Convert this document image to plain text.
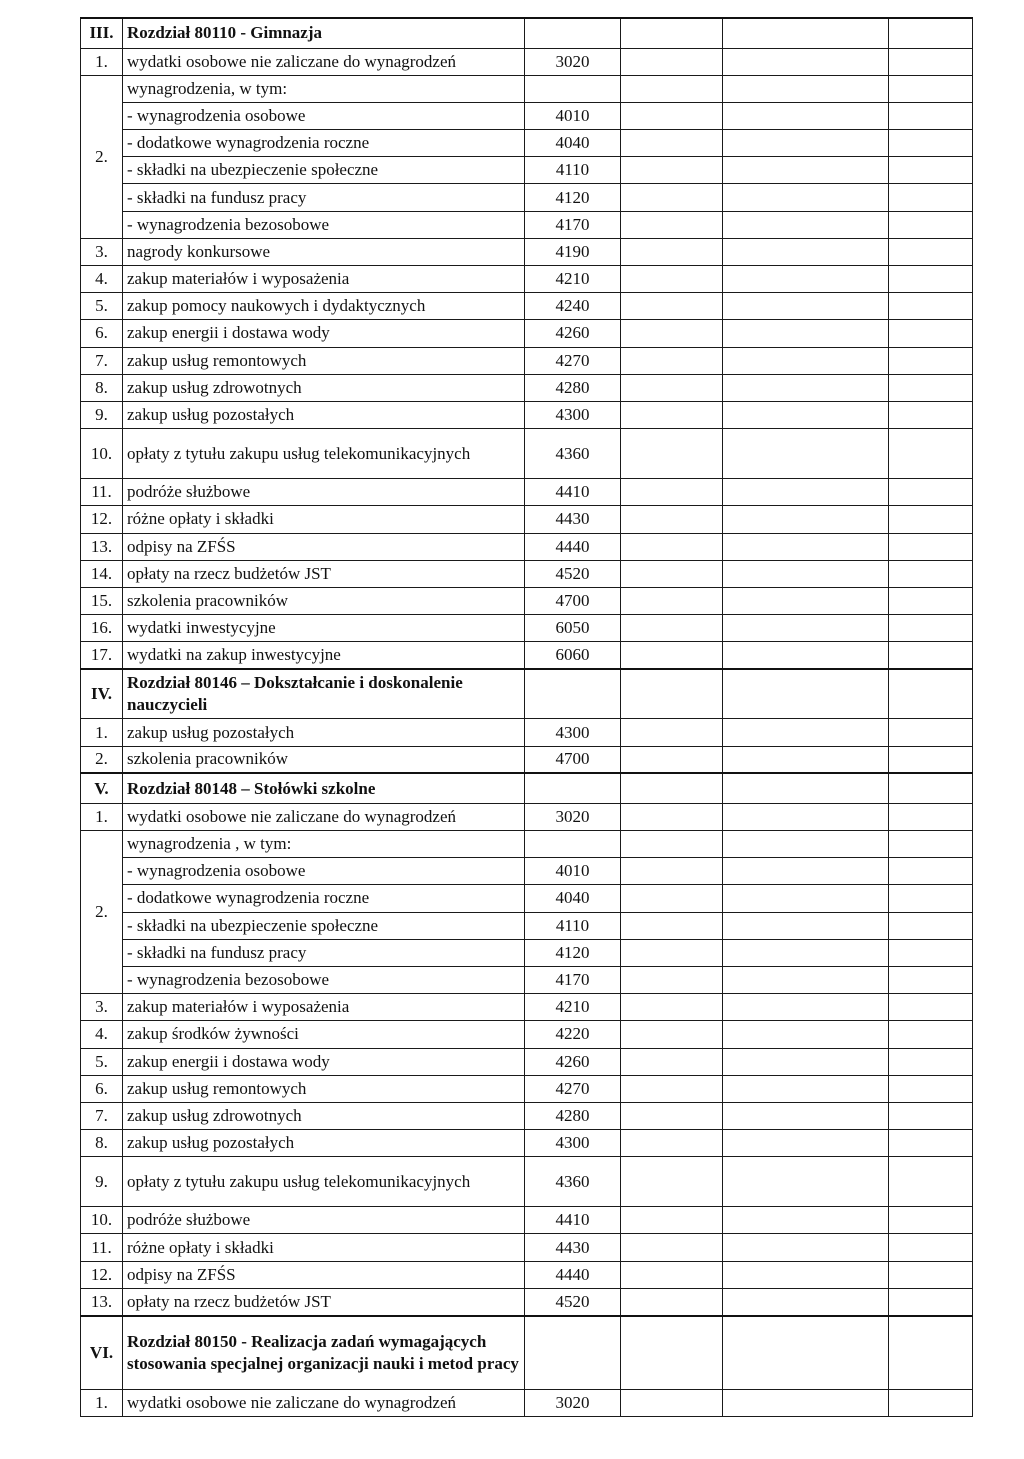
III.	Rozdział 80110 - Gimnazja				
1.	wydatki osobowe nie zaliczane do wynagrodzeń	3020			
2.	wynagrodzenia, w tym:				
	- wynagrodzenia osobowe	4010			
	- dodatkowe wynagrodzenia roczne	4040			
	- składki na ubezpieczenie społeczne	4110			
	- składki na fundusz pracy	4120			
	- wynagrodzenia bezosobowe	4170			
3.	nagrody konkursowe	4190			
4.	zakup materiałów i wyposażenia	4210			
5.	zakup pomocy naukowych i dydaktycznych	4240			
6.	zakup energii i dostawa wody	4260			
7.	zakup usług remontowych	4270			
8.	zakup usług zdrowotnych	4280			
9.	zakup usług pozostałych	4300			
10.	opłaty z tytułu zakupu usług telekomunikacyjnych	4360			
11.	podróże służbowe	4410			
12.	różne opłaty i składki	4430			
13.	odpisy na ZFŚS	4440			
14.	opłaty na rzecz budżetów JST	4520			
15.	szkolenia pracowników	4700			
16.	wydatki inwestycyjne	6050			
17.	wydatki na zakup inwestycyjne	6060			
IV.	Rozdział 80146 – Dokształcanie i doskonalenie nauczycieli				
1.	zakup usług pozostałych	4300			
2.	szkolenia pracowników	4700			
V.	Rozdział 80148 – Stołówki szkolne				
1.	wydatki osobowe nie zaliczane do wynagrodzeń	3020			
2.	wynagrodzenia , w tym:				
	- wynagrodzenia osobowe	4010			
	- dodatkowe wynagrodzenia roczne	4040			
	- składki na ubezpieczenie społeczne	4110			
	- składki na fundusz pracy	4120			
	- wynagrodzenia bezosobowe	4170			
3.	zakup materiałów i wyposażenia	4210			
4.	zakup środków żywności	4220			
5.	zakup energii i dostawa wody	4260			
6.	zakup usług remontowych	4270			
7.	zakup usług zdrowotnych	4280			
8.	zakup usług pozostałych	4300			
9.	opłaty z tytułu zakupu usług telekomunikacyjnych	4360			
10.	podróże służbowe	4410			
11.	różne opłaty i składki	4430			
12.	odpisy na ZFŚS	4440			
13.	opłaty na rzecz budżetów JST	4520			
VI.	Rozdział 80150 - Realizacja zadań wymagających stosowania specjalnej organizacji nauki i metod pracy				
1.	wydatki osobowe nie zaliczane do wynagrodzeń	3020			
